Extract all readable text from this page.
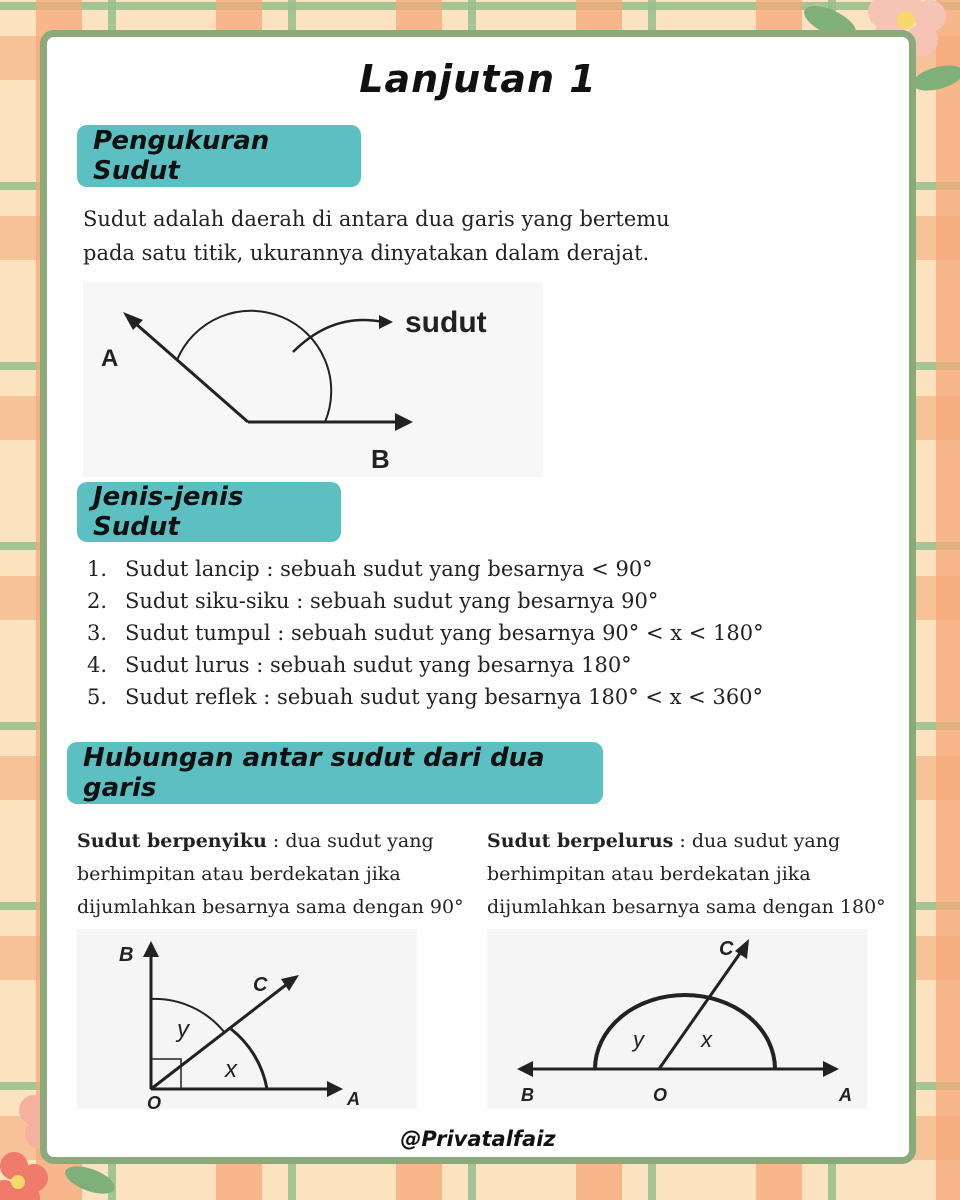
Lanjutan 1
Pengukuran Sudut
Sudut adalah daerah di antara dua garis yang bertemu
pada satu titik, ukurannya dinyatakan dalam derajat.
sudut
A
B
Jenis-jenis Sudut
1. Sudut lancip : sebuah sudut yang besarnya < 90°
2. Sudut siku-siku : sebuah sudut yang besarnya 90°
3. Sudut tumpul : sebuah sudut yang besarnya 90° < x < 180°
4. Sudut lurus : sebuah sudut yang besarnya 180°
5. Sudut reflek : sebuah sudut yang besarnya 180° < x < 360°
Hubungan antar sudut dari dua garis
Sudut berpenyiku : dua sudut yang
berhimpitan atau berdekatan jika
dijumlahkan besarnya sama dengan 90°
Sudut berpelurus : dua sudut yang
berhimpitan atau berdekatan jika
dijumlahkan besarnya sama dengan 180°
B
C
y
x
O	A
C
y	x
B	O	A
@Privatalfaiz
